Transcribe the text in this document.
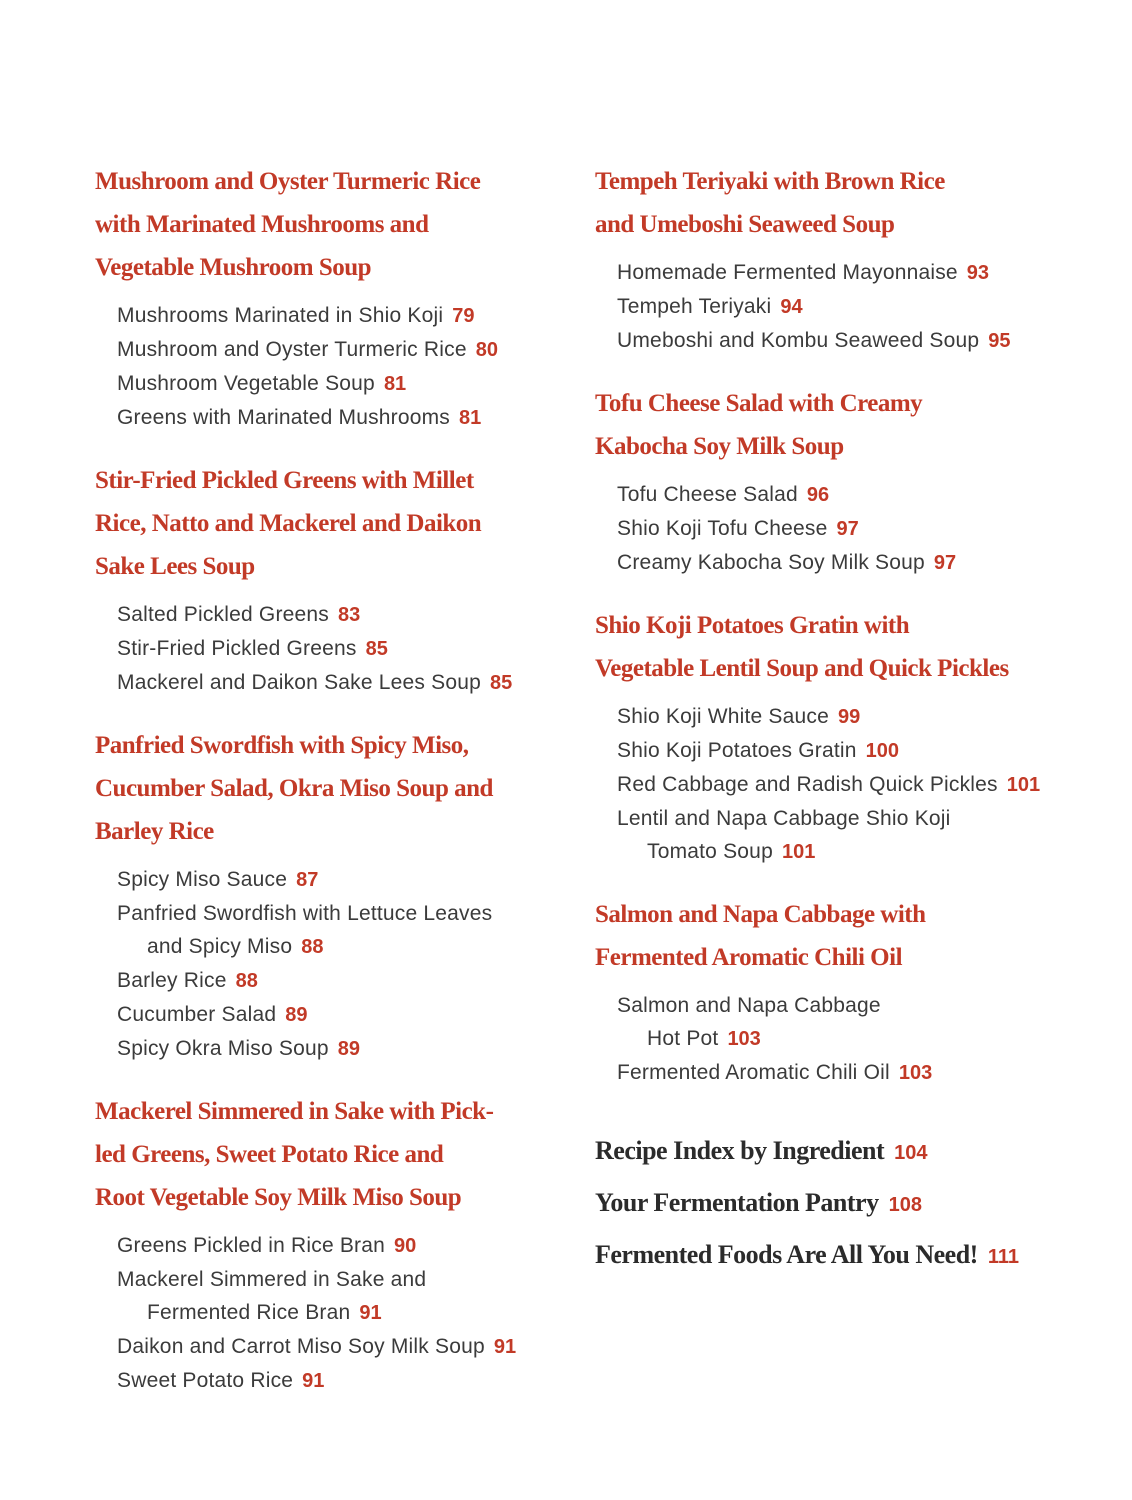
Mushroom and Oyster Turmeric Rice
with Marinated Mushrooms and
Vegetable Mushroom Soup
Mushrooms Marinated in Shio Koji 79
Mushroom and Oyster Turmeric Rice 80
Mushroom Vegetable Soup 81
Greens with Marinated Mushrooms 81
Stir-Fried Pickled Greens with Millet
Rice, Natto and Mackerel and Daikon
Sake Lees Soup
Salted Pickled Greens 83
Stir-Fried Pickled Greens 85
Mackerel and Daikon Sake Lees Soup 85
Panfried Swordfish with Spicy Miso,
Cucumber Salad, Okra Miso Soup and
Barley Rice
Spicy Miso Sauce 87
Panfried Swordfish with Lettuce Leaves
and Spicy Miso 88
Barley Rice 88
Cucumber Salad 89
Spicy Okra Miso Soup 89
Mackerel Simmered in Sake with Pick-
led Greens, Sweet Potato Rice and
Root Vegetable Soy Milk Miso Soup
Greens Pickled in Rice Bran 90
Mackerel Simmered in Sake and
Fermented Rice Bran 91
Daikon and Carrot Miso Soy Milk Soup 91
Sweet Potato Rice 91
Tempeh Teriyaki with Brown Rice
and Umeboshi Seaweed Soup
Homemade Fermented Mayonnaise 93
Tempeh Teriyaki 94
Umeboshi and Kombu Seaweed Soup 95
Tofu Cheese Salad with Creamy
Kabocha Soy Milk Soup
Tofu Cheese Salad 96
Shio Koji Tofu Cheese 97
Creamy Kabocha Soy Milk Soup 97
Shio Koji Potatoes Gratin with
Vegetable Lentil Soup and Quick Pickles
Shio Koji White Sauce 99
Shio Koji Potatoes Gratin 100
Red Cabbage and Radish Quick Pickles 101
Lentil and Napa Cabbage Shio Koji
Tomato Soup 101
Salmon and Napa Cabbage with
Fermented Aromatic Chili Oil
Salmon and Napa Cabbage
Hot Pot 103
Fermented Aromatic Chili Oil 103
Recipe Index by Ingredient 104
Your Fermentation Pantry 108
Fermented Foods Are All You Need! 111
